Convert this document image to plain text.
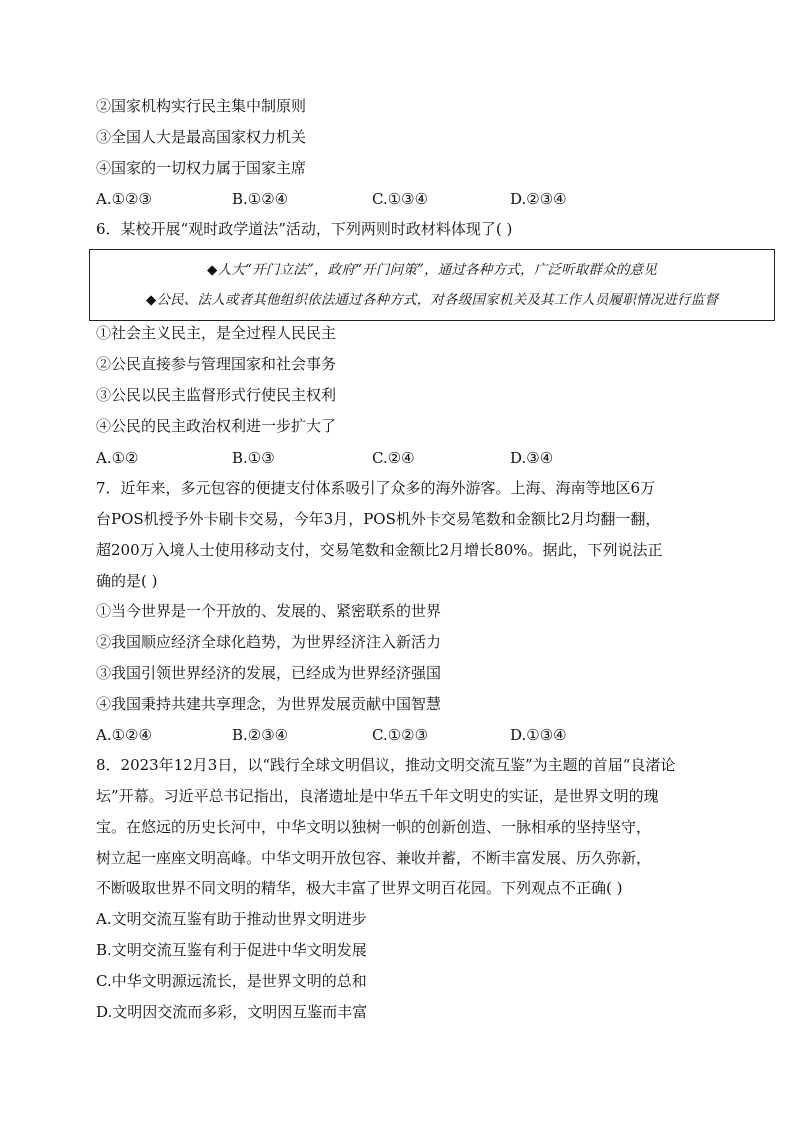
②国家机构实行民主集中制原则
③全国人大是最高国家权力机关
④国家的一切权力属于国家主席
A.①②③	B.①②④	C.①③④	D.②③④
6．某校开展“观时政学道法”活动，下列两则时政材料体现了( )
◆人大“开门立法”，政府“开门问策”，通过各种方式，广泛听取群众的意见
◆公民、法人或者其他组织依法通过各种方式，对各级国家机关及其工作人员履职情况进行监督
①社会主义民主，是全过程人民民主
②公民直接参与管理国家和社会事务
③公民以民主监督形式行使民主权利
④公民的民主政治权利进一步扩大了
A.①②	B.①③	C.②④	D.③④
7．近年来，多元包容的便捷支付体系吸引了众多的海外游客。上海、海南等地区6万
台POS机授予外卡刷卡交易，今年3月，POS机外卡交易笔数和金额比2月均翻一翻，
超200万入境人士使用移动支付，交易笔数和金额比2月增长80%。据此，下列说法正
确的是( )
①当今世界是一个开放的、发展的、紧密联系的世界
②我国顺应经济全球化趋势，为世界经济注入新活力
③我国引领世界经济的发展，已经成为世界经济强国
④我国秉持共建共享理念，为世界发展贡献中国智慧
A.①②④	B.②③④	C.①②③	D.①③④
8．2023年12月3日，以“践行全球文明倡议，推动文明交流互鉴”为主题的首届“良渚论
坛”开幕。习近平总书记指出，良渚遗址是中华五千年文明史的实证，是世界文明的瑰
宝。在悠远的历史长河中，中华文明以独树一帜的创新创造、一脉相承的坚持坚守，
树立起一座座文明高峰。中华文明开放包容、兼收并蓄，不断丰富发展、历久弥新，
不断吸取世界不同文明的精华，极大丰富了世界文明百花园。下列观点不正确( )
A.文明交流互鉴有助于推动世界文明进步
B.文明交流互鉴有利于促进中华文明发展
C.中华文明源远流长，是世界文明的总和
D.文明因交流而多彩，文明因互鉴而丰富
